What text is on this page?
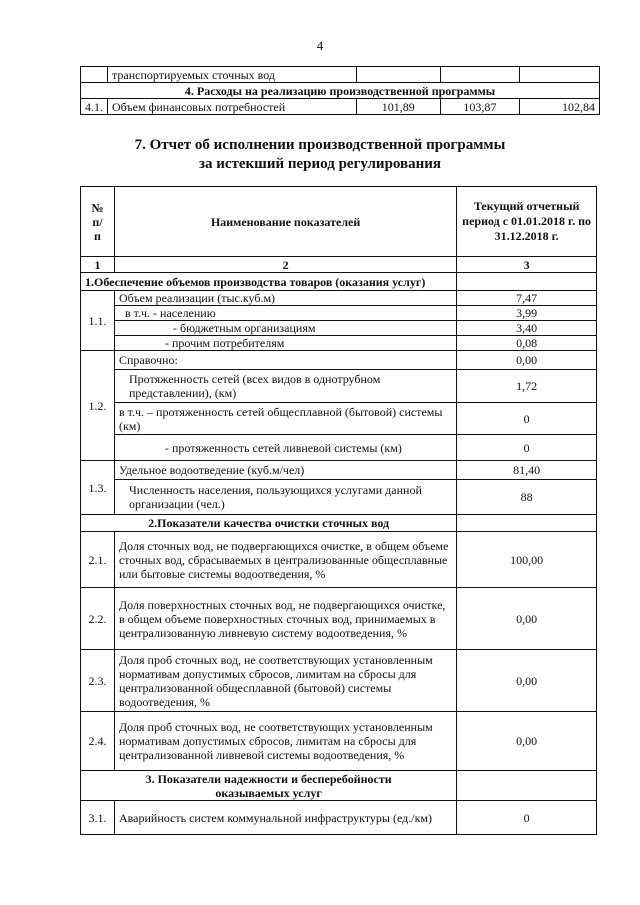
4
	транспортируемых сточных вод			
4. Расходы на реализацию производственной программы				
4.1.	Объем финансовых потребностей	101,89	103,87	102,84
7. Отчет об исполнении производственной программы
за истекший период регулирования
№ п/п	Наименование показателей	Текущий отчетный период с 01.01.2018 г. по 31.12.2018 г.
1	2	3
1.Обеспечение объемов производства товаров (оказания услуг)		
1.1.	Объем реализации (тыс.куб.м)	7,47
	в т.ч. - населению	3,99
	- бюджетным организациям	3,40
	- прочим потребителям	0,08
1.2.	Справочно:	0,00
	Протяженность сетей (всех видов в однотрубном представлении), (км)	1,72
	в т.ч. – протяженность сетей общесплавной (бытовой) системы (км)	0
	- протяженность сетей ливневой системы (км)	0
1.3.	Удельное водоотведение (куб.м/чел)	81,40
	Численность населения, пользующихся услугами данной организации (чел.)	88
2.Показатели качества очистки сточных вод		
2.1.	Доля сточных вод, не подвергающихся очистке, в общем объеме сточных вод, сбрасываемых в централизованные общесплавные или бытовые системы водоотведения, %	100,00
2.2.	Доля поверхностных сточных вод, не подвергающихся очистке, в общем объеме поверхностных сточных вод, принимаемых в централизованную ливневую систему водоотведения, %	0,00
2.3.	Доля проб сточных вод, не соответствующих установленным нормативам допустимых сбросов, лимитам на сбросы для централизованной общесплавной (бытовой) системы водоотведения, %	0,00
2.4.	Доля проб сточных вод, не соответствующих установленным нормативам допустимых сбросов, лимитам на сбросы для централизованной ливневой системы водоотведения, %	0,00
3. Показатели надежности и бесперебойности оказываемых услуг		
3.1.	Аварийность систем коммунальной инфраструктуры (ед./км)	0
